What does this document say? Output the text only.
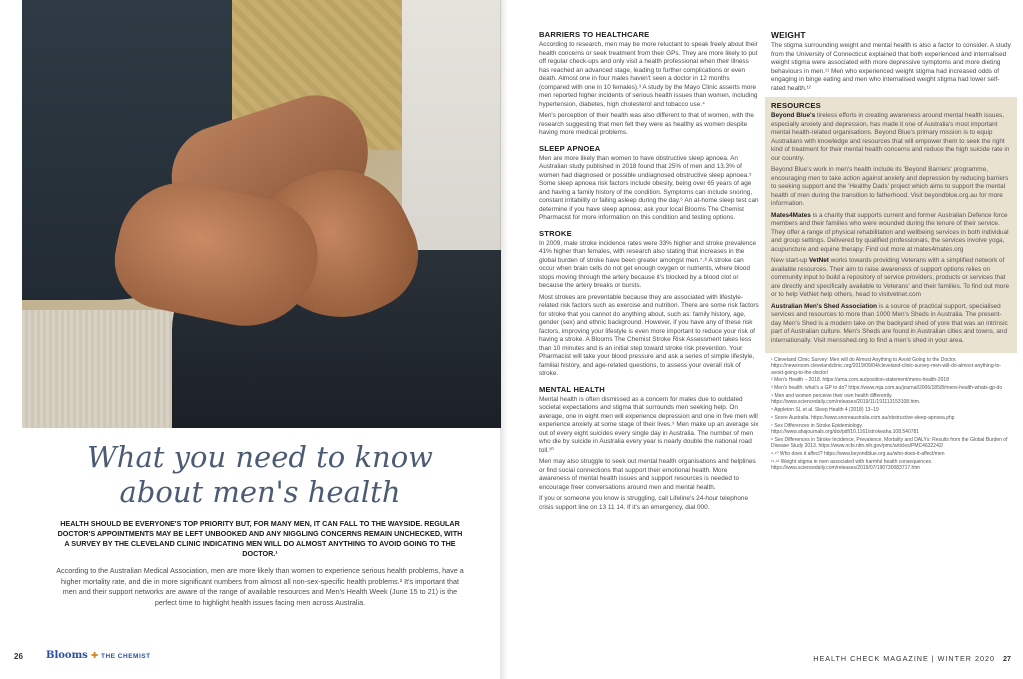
What you need to know
about men's health

HEALTH SHOULD BE EVERYONE'S TOP PRIORITY BUT, FOR MANY MEN, IT CAN FALL TO THE WAYSIDE. REGULAR DOCTOR'S APPOINTMENTS MAY BE LEFT UNBOOKED AND ANY NIGGLING CONCERNS REMAIN UNCHECKED, WITH A SURVEY BY THE CLEVELAND CLINIC INDICATING MEN WILL DO ALMOST ANYTHING TO AVOID GOING TO THE DOCTOR.¹

According to the Australian Medical Association, men are more likely than women to experience serious health problems, have a higher mortality rate, and die in more significant numbers from almost all non-sex-specific health problems.² It's important that men and their support networks are aware of the range of available resources and Men's Health Week (June 15 to 21) is the perfect time to highlight health issues facing men across Australia.

26 Blooms ✚ THE CHEMIST
BARRIERS TO HEALTHCARE

According to research, men may be more reluctant to speak freely about their health concerns or seek treatment from their GPs. They are more likely to put off regular check-ups and only visit a health professional when their illness has reached an advanced stage, leading to further complications or even death. Almost one in four males haven't seen a doctor in 12 months (compared with one in 10 females).³ A study by the Mayo Clinic asserts more men reported higher incidents of serious health issues than women, including hypertension, diabetes, high cholesterol and tobacco use.⁴

Men's perception of their health was also different to that of women, with the research suggesting that men felt they were as healthy as women despite having more medical problems.

SLEEP APNOEA

Men are more likely than women to have obstructive sleep apnoea. An Australian study published in 2018 found that 25% of men and 13.3% of women had diagnosed or possible undiagnosed obstructive sleep apnoea.⁵ Some sleep apnoea risk factors include obesity, being over 65 years of age and having a family history of the condition. Symptoms can include snoring, constant irritability or falling asleep during the day.⁶ An at-home sleep test can determine if you have sleep apnoea; ask your local Blooms The Chemist Pharmacist for more information on this condition and testing options.

STROKE

In 2009, male stroke incidence rates were 33% higher and stroke prevalence 41% higher than females, with research also stating that increases in the global burden of stroke have been greater amongst men.⁷˒⁸ A stroke can occur when brain cells do not get enough oxygen or nutrients, where blood stops moving through the artery because it's blocked by a blood clot or because the artery breaks or bursts.

Most strokes are preventable because they are associated with lifestyle-related risk factors such as exercise and nutrition. There are some risk factors for stroke that you cannot do anything about, such as: family history, age, gender (sex) and ethnic background. However, if you have any of these risk factors, improving your lifestyle is even more important to reduce your risk of having a stroke. A Blooms The Chemist Stroke Risk Assessment takes less than 10 minutes and is an initial step toward stroke risk prevention. Your Pharmacist will take your blood pressure and ask a series of simple lifestyle, familial history, and age-related questions, to assess your overall risk of stroke.

MENTAL HEALTH

Mental health is often dismissed as a concern for males due to outdated societal expectations and stigma that surrounds men seeking help. On average, one in eight men will experience depression and one in five men will experience anxiety at some stage of their lives.⁹ Men make up an average six out of every eight suicides every single day in Australia. The number of men who die by suicide in Australia every year is nearly double the national road toll.¹⁰

Men may also struggle to seek out mental health organisations and helplines or find social connections that support their emotional health. More awareness of mental health issues and support resources is needed to encourage freer conversations around men and mental health.

If you or someone you know is struggling, call Lifeline's 24-hour telephone crisis support line on 13 11 14. If it's an emergency, dial 000.

WEIGHT

The stigma surrounding weight and mental health is also a factor to consider. A study from the University of Connecticut explained that both experienced and internalised weight stigma were associated with more depressive symptoms and more dieting behaviours in men.¹¹ Men who experienced weight stigma had increased odds of engaging in binge eating and men who internalised weight stigma had lower self-rated health.¹²

RESOURCES

Beyond Blue's tireless efforts in creating awareness around mental health issues, especially anxiety and depression, has made it one of Australia's most important mental health-related organisations. Beyond Blue's primary mission is to equip Australians with knowledge and resources that will empower them to seek the right kind of treatment for their mental health concerns and reduce the high suicide rate in our country.

Beyond Blue's work in men's health include its 'Beyond Barriers' programme, encouraging men to take action against anxiety and depression by reducing barriers to seeking support and the 'Healthy Dads' project which aims to support the mental health of men during the transition to fatherhood. Visit beyondblue.org.au for more information.

Mates4Mates is a charity that supports current and former Australian Defence force members and their families who were wounded during the tenure of their service. They offer a range of physical rehabilitation and wellbeing services in both individual and group settings. Delivered by qualified professionals, the services involve yoga, acupuncture and equine therapy. Find out more at mates4mates.org

New start-up VetNet works towards providing Veterans with a simplified network of available resources. Their aim to raise awareness of support options relies on community input to build a repository of service providers, products or services that are directly and specifically available to Veterans' and their families. To find out more or to help VetNet help others, head to visitvetnet.com

Australian Men's Shed Association is a source of practical support, specialised services and resources to more than 1000 Men's Sheds in Australia. The present-day Men's Shed is a modern take on the backyard shed of yore that was an intrinsic part of Australian culture. Men's Sheds are found in Australian cities and towns, and internationally. Visit mensshed.org to find a men's shed in your area.

¹ Cleveland Clinic Survey: Men will do Almost Anything to Avoid Going to the Doctor. https://newsroom.clevelandclinic.org/2019/09/04/cleveland-clinic-survey-men-will-do-almost-anything-to-avoid-going-to-the-doctor/

² Men's Health – 2018. https://ama.com.au/position-statement/mens-health-2018

³ Men's health: what's a GP to do? https://www.mja.com.au/journal/2006/185/8/mens-health-whats-gp-do

⁴ Men and women perceive their own health differently. https://www.sciencedaily.com/releases/2019/11/191113153108.htm.

⁵ Appleton SL et al. Sleep Health 4 (2018) 13–19

⁶ Snore Australia. https://www.snoreaustralia.com.au/obstructive-sleep-apnoea.php

⁷ Sex Differences in Stroke Epidemiology. https://www.ahajournals.org/doi/pdf/10.1161/strokeaha.108.540781

⁸ Sex Differences in Stroke Incidence, Prevalence, Mortality and DALYs: Results from the Global Burden of Disease Study 2013. https://www.ncbi.nlm.nih.gov/pmc/articles/PMC4632242/

⁹˒¹⁰ Who does it affect? https://www.beyondblue.org.au/who-does-it-affect/men

¹¹˒¹² Weight stigma in men associated with harmful health consequences. https://www.sciencedaily.com/releases/2019/07/190730083717.htm

HEALTH CHECK MAGAZINE | WINTER 2020 27
